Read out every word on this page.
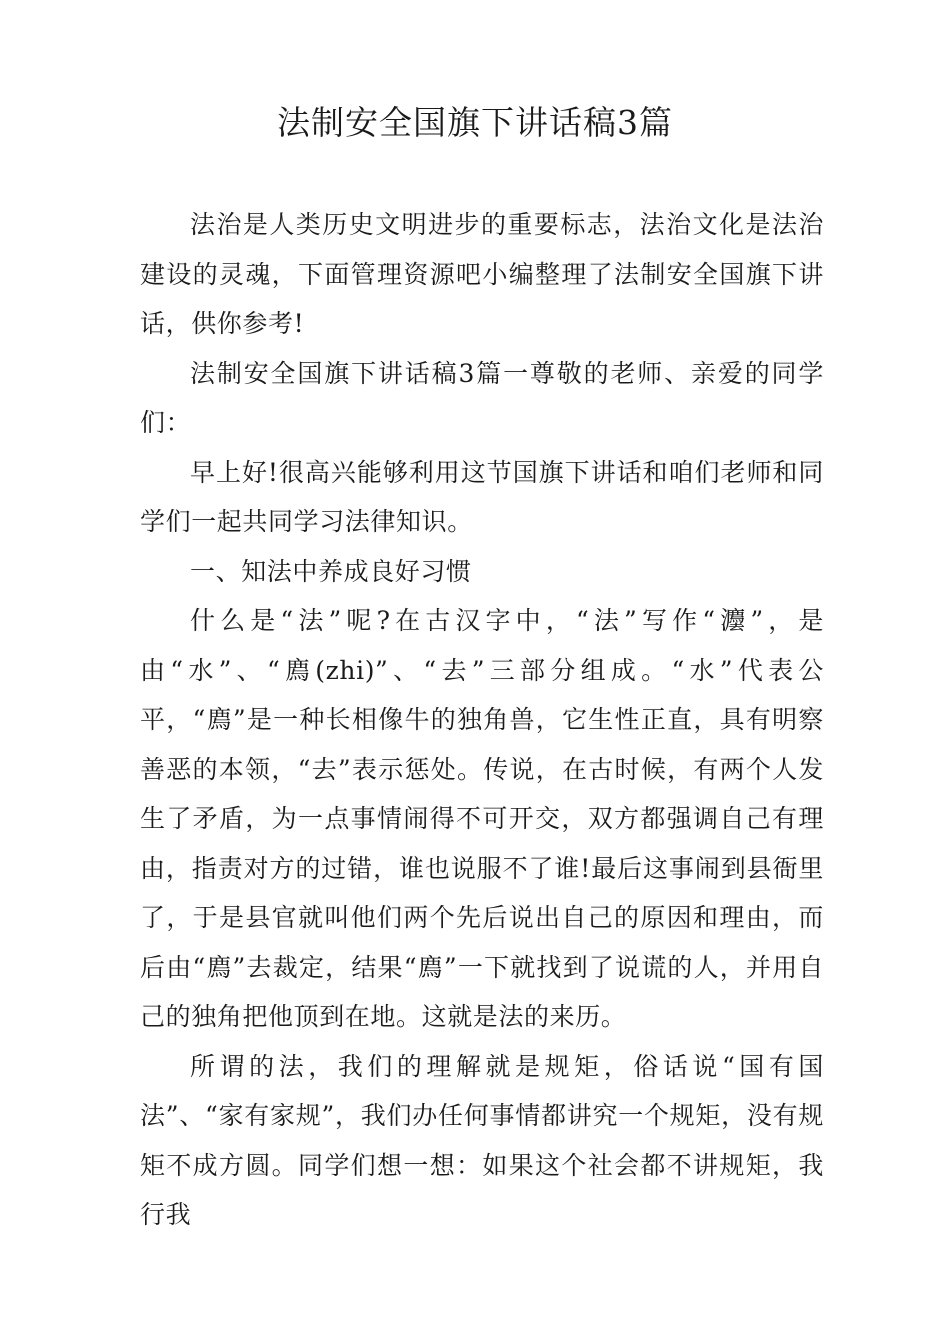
法制安全国旗下讲话稿3篇

法治是人类历史文明进步的重要标志，法治文化是法治建设的灵魂，下面管理资源吧小编整理了法制安全国旗下讲话，供你参考!

法制安全国旗下讲话稿3篇一尊敬的老师、亲爱的同学们：

早上好!很高兴能够利用这节国旗下讲话和咱们老师和同学们一起共同学习法律知识。

一、知法中养成良好习惯

什么是“法”呢?在古汉字中，“法”写作“灋”，是由“水”、“廌(zhi)”、“去”三部分组成。“水”代表公平，“廌”是一种长相像牛的独角兽，它生性正直，具有明察善恶的本领，“去”表示惩处。传说，在古时候，有两个人发生了矛盾，为一点事情闹得不可开交，双方都强调自己有理由，指责对方的过错，谁也说服不了谁!最后这事闹到县衙里了，于是县官就叫他们两个先后说出自己的原因和理由，而后由“廌”去裁定，结果“廌”一下就找到了说谎的人，并用自己的独角把他顶到在地。这就是法的来历。

所谓的法，我们的理解就是规矩，俗话说“国有国法”、“家有家规”，我们办任何事情都讲究一个规矩，没有规矩不成方圆。同学们想一想：如果这个社会都不讲规矩，我行我
